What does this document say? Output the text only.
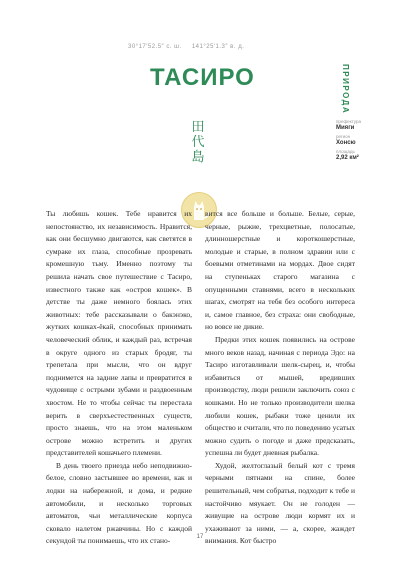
30°17′52.5″ с. ш. 141°25′1.3″ в. д.
ТАСИРО	ПРИРОДА
田
代
島
префектура
Мияги
регион
Хонсю
площадь
2,92 км²

Ты любишь кошек. Тебе нравится их непостоянство, их независимость. Нравится, как они бесшумно двигаются, как светятся в сумраке их глаза, способные прозревать кромешную тьму. Именно поэтому ты решила начать свое путешествие с Тасиро, известного также как «остров кошек». В детстве ты даже немного боялась этих животных: тебе рассказывали о бакэнэко, жутких кошках-ёкай, способных принимать человеческий облик, и каждый раз, встречая в округе одного из старых бродяг, ты трепетала при мысли, что он вдруг поднимется на задние лапы и превратится в чудовище с острыми зубами и раздвоенным хвостом. Не то чтобы сейчас ты перестала верить в сверхъестественных существ, просто знаешь, что на этом маленьком острове можно встретить и других представителей кошачьего племени.

В день твоего приезда небо неподвижно-белое, словно застывшее во времени, как и лодки на набережной, и дома, и редкие автомобили, и несколько торговых автоматов, чьи металлические корпуса сковало налетом ржавчины. Но с каждой секундой ты понимаешь, что их стано-

вится все больше и больше. Белые, серые, черные, рыжие, трехцветные, полосатые, длинношерстные и короткошерстные, молодые и старые, в полном здравии или с боевыми отметинами на мордах. Двое сидят на ступеньках старого магазина с опущенными ставнями, всего в нескольких шагах, смотрят на тебя без особого интереса и, самое главное, без страха: они свободные, но вовсе не дикие.

Предки этих кошек появились на острове много веков назад, начиная с периода Эдо: на Тасиро изготавливали шелк-сырец, и, чтобы избавиться от мышей, вредивших производству, люди решили заключить союз с кошками. Но не только производители шелка любили кошек, рыбаки тоже ценили их общество и считали, что по поведению усатых можно судить о погоде и даже предсказать, успешна ли будет дневная рыбалка.

Худой, желтоглазый белый кот с тремя черными пятнами на спине, более решительный, чем собратья, подходит к тебе и настойчиво мяукает. Он не голоден — живущие на острове люди кормят их и ухаживают за ними, — а, скорее, жаждет внимания. Кот быстро

17
